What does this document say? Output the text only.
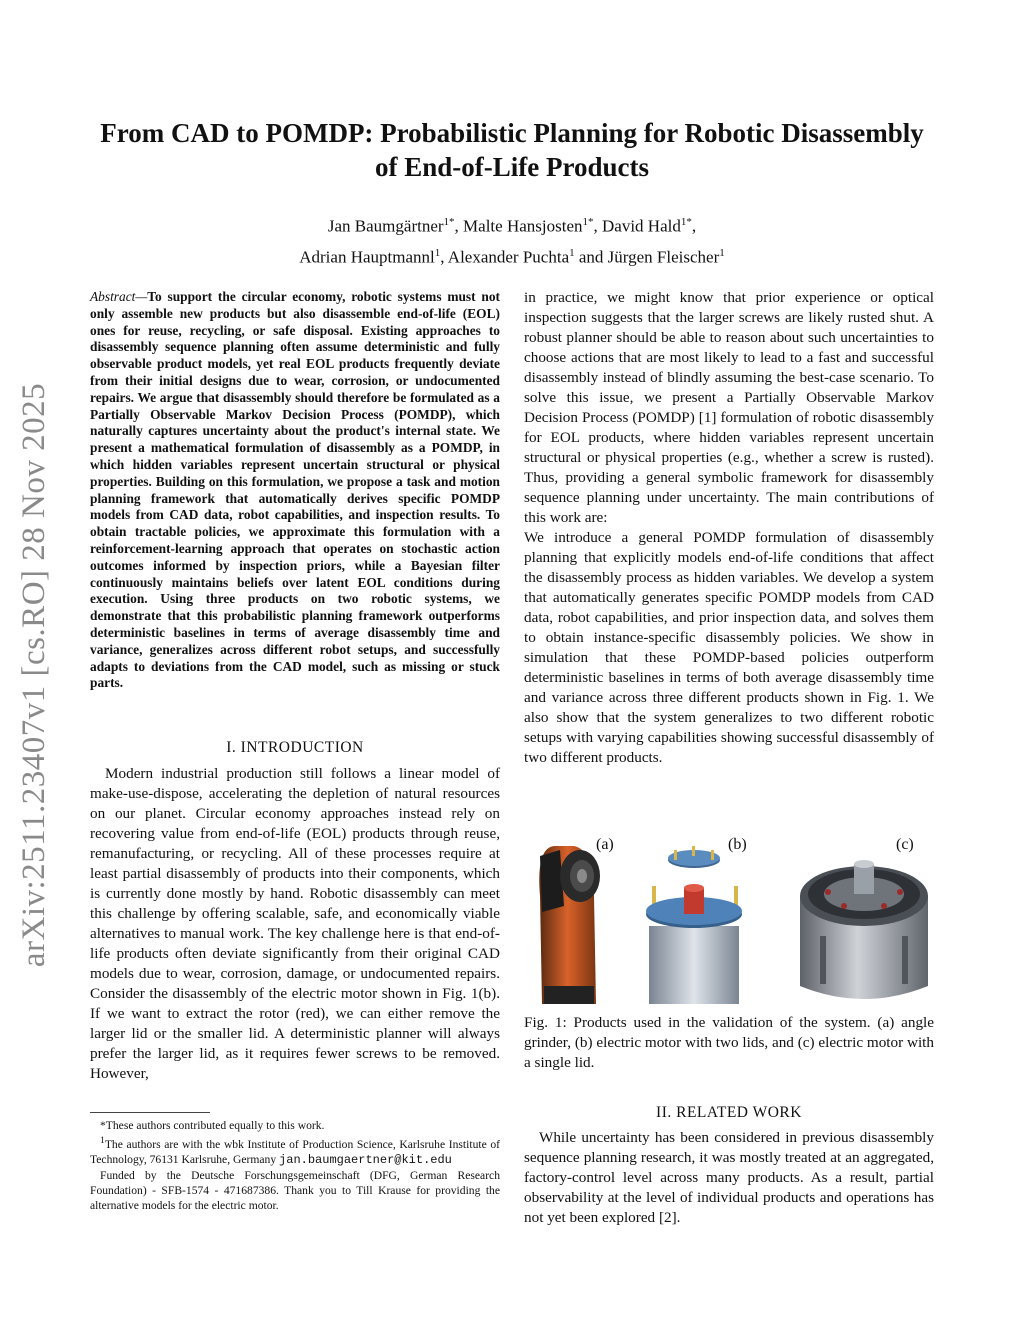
arXiv:2511.23407v1 [cs.RO] 28 Nov 2025
From CAD to POMDP: Probabilistic Planning for Robotic Disassembly
of End-of-Life Products
Jan Baumgärtner$^{1*}$, Malte Hansjosten$^{1*}$, David Hald$^{1*}$,
Adrian Hauptmannl$^1$, Alexander Puchta$^1$ and Jürgen Fleischer$^1$
Abstract—To support the circular economy, robotic systems must not only assemble new products but also disassemble end-of-life (EOL) ones for reuse, recycling, or safe disposal. Existing approaches to disassembly sequence planning often assume deterministic and fully observable product models, yet real EOL products frequently deviate from their initial designs due to wear, corrosion, or undocumented repairs. We argue that disassembly should therefore be formulated as a Partially Observable Markov Decision Process (POMDP), which naturally captures uncertainty about the product's internal state. We present a mathematical formulation of disassembly as a POMDP, in which hidden variables represent uncertain structural or physical properties. Building on this formulation, we propose a task and motion planning framework that automatically derives specific POMDP models from CAD data, robot capabilities, and inspection results. To obtain tractable policies, we approximate this formulation with a reinforcement-learning approach that operates on stochastic action outcomes informed by inspection priors, while a Bayesian filter continuously maintains beliefs over latent EOL conditions during execution. Using three products on two robotic systems, we demonstrate that this probabilistic planning framework outperforms deterministic baselines in terms of average disassembly time and variance, generalizes across different robot setups, and successfully adapts to deviations from the CAD model, such as missing or stuck parts.
I. INTRODUCTION

Modern industrial production still follows a linear model of make-use-dispose, accelerating the depletion of natural resources on our planet. Circular economy approaches instead rely on recovering value from end-of-life (EOL) products through reuse, remanufacturing, or recycling. All of these processes require at least partial disassembly of products into their components, which is currently done mostly by hand. Robotic disassembly can meet this challenge by offering scalable, safe, and economically viable alternatives to manual work. The key challenge here is that end-of-life products often deviate significantly from their original CAD models due to wear, corrosion, damage, or undocumented repairs. Consider the disassembly of the electric motor shown in Fig. 1(b). If we want to extract the rotor (red), we can either remove the larger lid or the smaller lid. A deterministic planner will always prefer the larger lid, as it requires fewer screws to be removed. However,

*These authors contributed equally to this work.

$^1$The authors are with the wbk Institute of Production Science, Karlsruhe Institute of Technology, 76131 Karlsruhe, Germany jan.baumgaertner@kit.edu

Funded by the Deutsche Forschungsgemeinschaft (DFG, German Research Foundation) - SFB-1574 - 471687386. Thank you to Till Krause for providing the alternative models for the electric motor.

in practice, we might know that prior experience or optical inspection suggests that the larger screws are likely rusted shut. A robust planner should be able to reason about such uncertainties to choose actions that are most likely to lead to a fast and successful disassembly instead of blindly assuming the best-case scenario. To solve this issue, we present a Partially Observable Markov Decision Process (POMDP) [1] formulation of robotic disassembly for EOL products, where hidden variables represent uncertain structural or physical properties (e.g., whether a screw is rusted). Thus, providing a general symbolic framework for disassembly sequence planning under uncertainty. The main contributions of this work are:

We introduce a general POMDP formulation of disassembly planning that explicitly models end-of-life conditions that affect the disassembly process as hidden variables. We develop a system that automatically generates specific POMDP models from CAD data, robot capabilities, and prior inspection data, and solves them to obtain instance-specific disassembly policies. We show in simulation that these POMDP-based policies outperform deterministic baselines in terms of both average disassembly time and variance across three different products shown in Fig. 1. We also show that the system generalizes to two different robotic setups with varying capabilities showing successful disassembly of two different products.

(a)	(b)	(c)
Fig. 1: Products used in the validation of the system. (a) angle grinder, (b) electric motor with two lids, and (c) electric motor with a single lid.
II. RELATED WORK

While uncertainty has been considered in previous disassembly sequence planning research, it was mostly treated at an aggregated, factory-control level across many products. As a result, partial observability at the level of individual products and operations has not yet been explored [2].
